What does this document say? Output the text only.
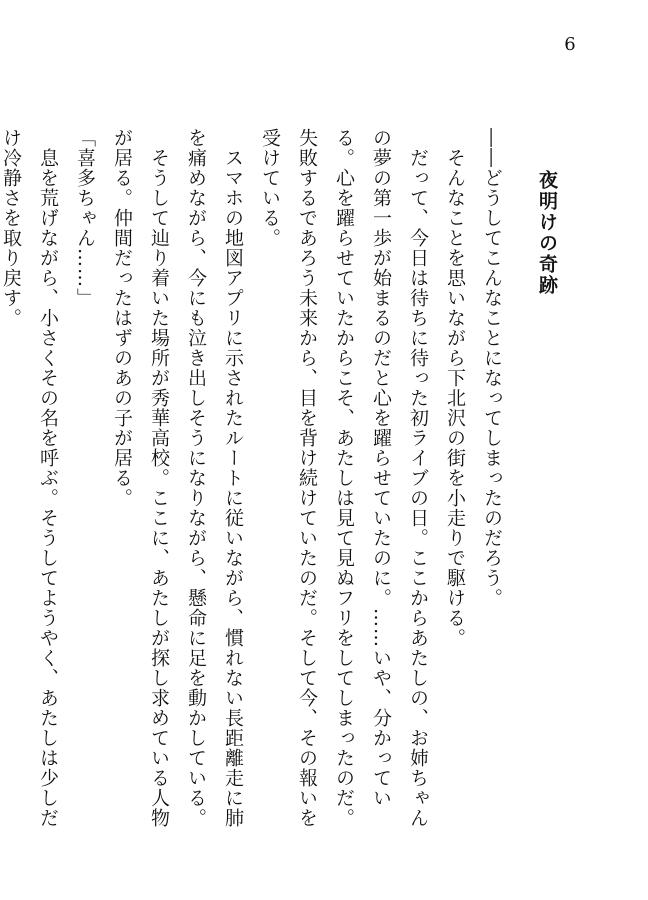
6
夜明けの奇跡

――どうしてこんなことになってしまったのだろう。

　そんなことを思いながら下北沢の街を小走りで駆ける。

　だって、今日は待ちに待った初ライブの日。ここからあたしの、お姉ちゃんの夢の第一歩が始まるのだと心を躍らせていたのに。……いや、分かっている。心を躍らせていたからこそ、あたしは見て見ぬフリをしてしまったのだ。失敗するであろう未来から、目を背け続けていたのだ。そして今、その報いを受けている。

　スマホの地図アプリに示されたルートに従いながら、慣れない長距離走に肺を痛めながら、今にも泣き出しそうになりながら、懸命に足を動かしている。

　そうして辿り着いた場所が秀華高校。ここに、あたしが探し求めている人物が居る。仲間だったはずのあの子が居る。

「喜多ちゃん……」

　息を荒げながら、小さくその名を呼ぶ。そうしてようやく、あたしは少しだけ冷静さを取り戻す。
